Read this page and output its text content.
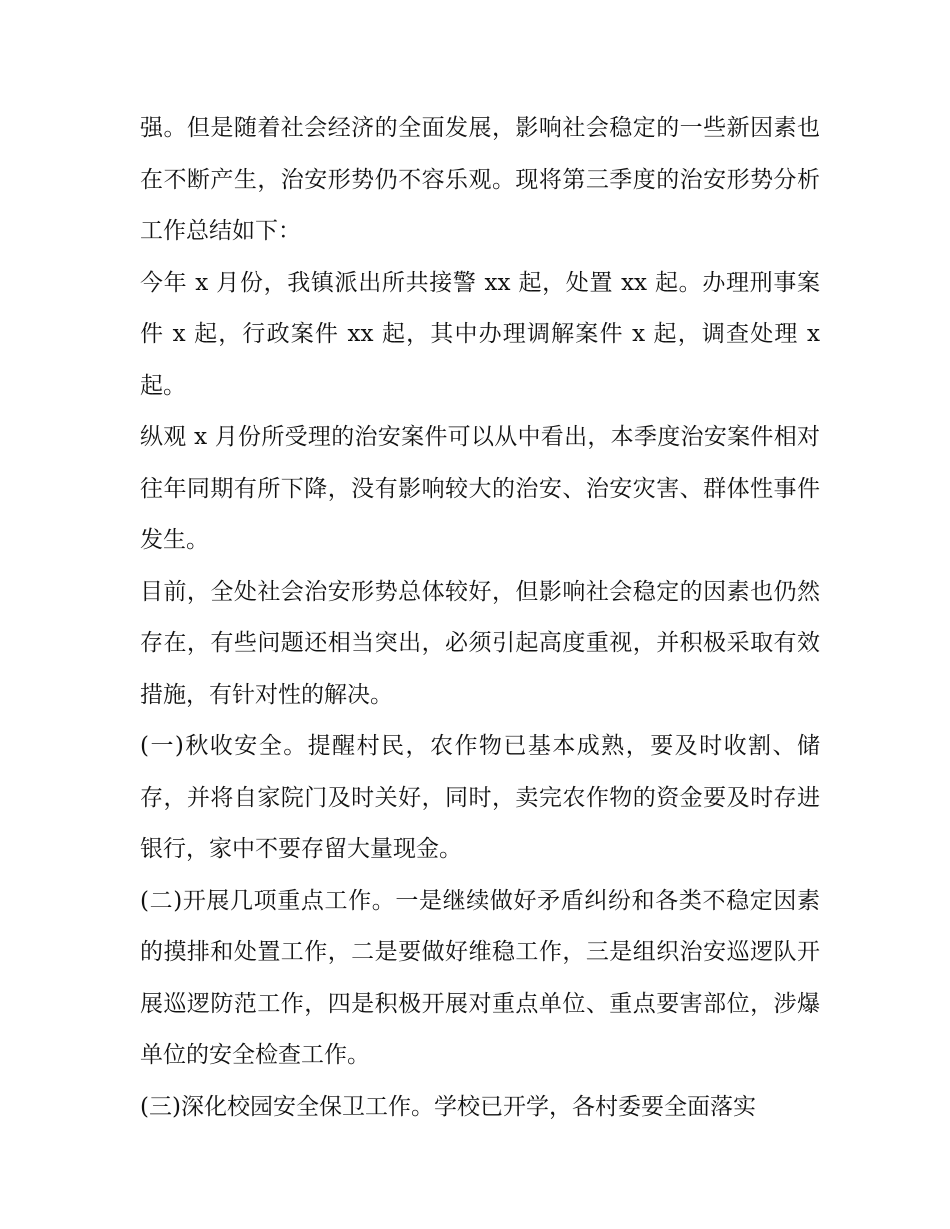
强。但是随着社会经济的全面发展，影响社会稳定的一些新因素也在不断产生，治安形势仍不容乐观。现将第三季度的治安形势分析工作总结如下：

今年 x 月份，我镇派出所共接警 xx 起，处置 xx 起。办理刑事案件 x 起，行政案件 xx 起，其中办理调解案件 x 起，调查处理 x 起。

纵观 x 月份所受理的治安案件可以从中看出，本季度治安案件相对往年同期有所下降，没有影响较大的治安、治安灾害、群体性事件发生。

目前，全处社会治安形势总体较好，但影响社会稳定的因素也仍然存在，有些问题还相当突出，必须引起高度重视，并积极采取有效措施，有针对性的解决。

(一)秋收安全。提醒村民，农作物已基本成熟，要及时收割、储存，并将自家院门及时关好，同时，卖完农作物的资金要及时存进银行，家中不要存留大量现金。

(二)开展几项重点工作。一是继续做好矛盾纠纷和各类不稳定因素的摸排和处置工作，二是要做好维稳工作，三是组织治安巡逻队开展巡逻防范工作，四是积极开展对重点单位、重点要害部位，涉爆单位的安全检查工作。

(三)深化校园安全保卫工作。学校已开学，各村委要全面落实
